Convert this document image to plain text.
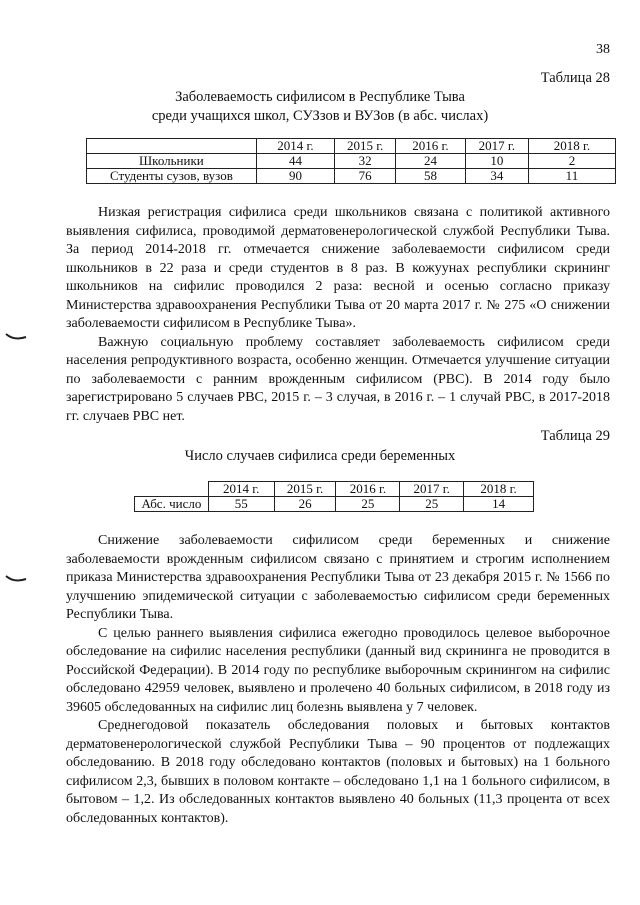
38
Таблица 28
Заболеваемость сифилисом в Республике Тыва
среди учащихся школ, СУЗзов и ВУЗов (в абс. числах)
	2014 г.	2015 г.	2016 г.	2017 г.	2018 г.
Школьники	44	32	24	10	2
Студенты сузов, вузов	90	76	58	34	11

Низкая регистрация сифилиса среди школьников связана с политикой активного выявления сифилиса, проводимой дерматовенерологической службой Республики Тыва. За период 2014-2018 гг. отмечается снижение заболеваемости сифилисом среди школьников в 22 раза и среди студентов в 8 раз. В кожуунах республики скрининг школьников на сифилис проводился 2 раза: весной и осенью согласно приказу Министерства здравоохранения Республики Тыва от 20 марта 2017 г. № 275 «О снижении заболеваемости сифилисом в Республике Тыва».

Важную социальную проблему составляет заболеваемость сифилисом среди населения репродуктивного возраста, особенно женщин. Отмечается улучшение ситуации по заболеваемости с ранним врожденным сифилисом (РВС). В 2014 году было зарегистрировано 5 случаев РВС, 2015 г. – 3 случая, в 2016 г. – 1 случай РВС, в 2017-2018 гг. случаев РВС нет.

Таблица 29
Число случаев сифилиса среди беременных
	2014 г.	2015 г.	2016 г.	2017 г.	2018 г.
Абс. число	55	26	25	25	14

Снижение заболеваемости сифилисом среди беременных и снижение заболеваемости врожденным сифилисом связано с принятием и строгим исполнением приказа Министерства здравоохранения Республики Тыва от 23 декабря 2015 г. № 1566 по улучшению эпидемической ситуации с заболеваемостью сифилисом среди беременных Республики Тыва.

С целью раннего выявления сифилиса ежегодно проводилось целевое выборочное обследование на сифилис населения республики (данный вид скрининга не проводится в Российской Федерации). В 2014 году по республике выборочным скринингом на сифилис обследовано 42959 человек, выявлено и пролечено 40 больных сифилисом, в 2018 году из 39605 обследованных на сифилис лиц болезнь выявлена у 7 человек.

Среднегодовой показатель обследования половых и бытовых контактов дерматовенерологической службой Республики Тыва – 90 процентов от подлежащих обследованию. В 2018 году обследовано контактов (половых и бытовых) на 1 больного сифилисом 2,3, бывших в половом контакте – обследовано 1,1 на 1 больного сифилисом, в бытовом – 1,2. Из обследованных контактов выявлено 40 больных (11,3 процента от всех обследованных контактов).
